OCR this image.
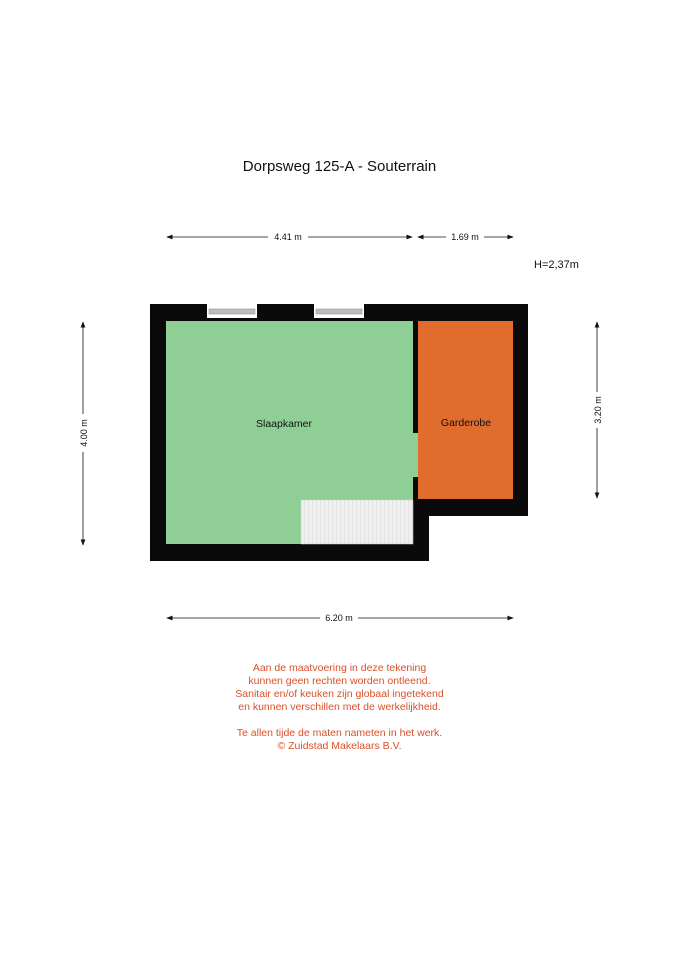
Dorpsweg 125-A - Souterrain
H=2,37m
4.41 m	1.69 m
4.00 m
3.20 m
Slaapkamer	Garderobe
6.20 m
Aan de maatvoering in deze tekening
kunnen geen rechten worden ontleend.
Sanitair en/of keuken zijn globaal ingetekend
en kunnen verschillen met de werkelijkheid.
Te allen tijde de maten nameten in het werk.
© Zuidstad Makelaars B.V.
